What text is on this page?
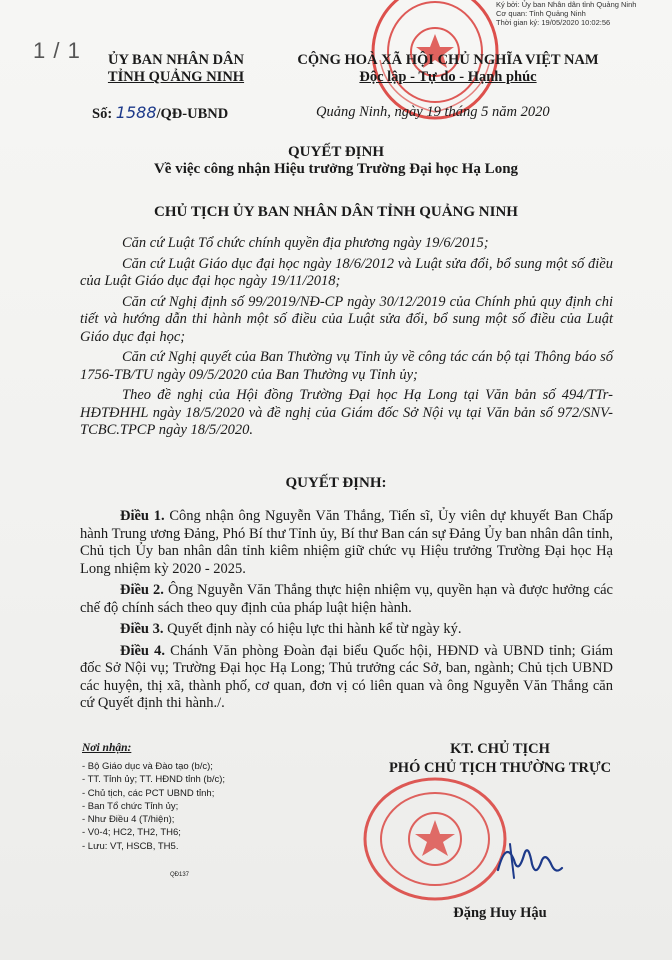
Ký bởi: Ủy ban Nhân dân tỉnh Quảng Ninh
Cơ quan: Tỉnh Quảng Ninh
Thời gian ký: 19/05/2020 10:02:56
1 / 1	ỦY BAN NHÂN DÂN
TỈNH QUẢNG NINH
CỘNG HOÀ XÃ HỘI CHỦ NGHĨA VIỆT NAM
Độc lập - Tự do - Hạnh phúc
Số: 1588/QĐ-UBND	Quảng Ninh, ngày 19 tháng 5 năm 2020
QUYẾT ĐỊNH
Về việc công nhận Hiệu trưởng Trường Đại học Hạ Long
CHỦ TỊCH ỦY BAN NHÂN DÂN TỈNH QUẢNG NINH

Căn cứ Luật Tổ chức chính quyền địa phương ngày 19/6/2015;

Căn cứ Luật Giáo dục đại học ngày 18/6/2012 và Luật sửa đổi, bổ sung một số điều của Luật Giáo dục đại học ngày 19/11/2018;

Căn cứ Nghị định số 99/2019/NĐ-CP ngày 30/12/2019 của Chính phủ quy định chi tiết và hướng dẫn thi hành một số điều của Luật sửa đổi, bổ sung một số điều của Luật Giáo dục đại học;

Căn cứ Nghị quyết của Ban Thường vụ Tỉnh ủy về công tác cán bộ tại Thông báo số 1756-TB/TU ngày 09/5/2020 của Ban Thường vụ Tỉnh ủy;

Theo đề nghị của Hội đồng Trường Đại học Hạ Long tại Văn bản số 494/TTr-HĐTĐHHL ngày 18/5/2020 và đề nghị của Giám đốc Sở Nội vụ tại Văn bản số 972/SNV-TCBC.TPCP ngày 18/5/2020.

QUYẾT ĐỊNH:

Điều 1. Công nhận ông Nguyễn Văn Thắng, Tiến sĩ, Ủy viên dự khuyết Ban Chấp hành Trung ương Đảng, Phó Bí thư Tỉnh ủy, Bí thư Ban cán sự Đảng Ủy ban nhân dân tỉnh, Chủ tịch Ủy ban nhân dân tỉnh kiêm nhiệm giữ chức vụ Hiệu trưởng Trường Đại học Hạ Long nhiệm kỳ 2020 - 2025.

Điều 2. Ông Nguyễn Văn Thắng thực hiện nhiệm vụ, quyền hạn và được hưởng các chế độ chính sách theo quy định của pháp luật hiện hành.

Điều 3. Quyết định này có hiệu lực thi hành kể từ ngày ký.

Điều 4. Chánh Văn phòng Đoàn đại biểu Quốc hội, HĐND và UBND tỉnh; Giám đốc Sở Nội vụ; Trường Đại học Hạ Long; Thủ trưởng các Sở, ban, ngành; Chủ tịch UBND các huyện, thị xã, thành phố, cơ quan, đơn vị có liên quan và ông Nguyễn Văn Thắng căn cứ Quyết định thi hành./.

Nơi nhận:
- Bộ Giáo dục và Đào tạo (b/c);
- TT. Tỉnh ủy; TT. HĐND tỉnh (b/c);
- Chủ tịch, các PCT UBND tỉnh;
- Ban Tổ chức Tỉnh ủy;
- Như Điều 4 (T/hiện);
- V0-4; HC2, TH2, TH6;
- Lưu: VT, HSCB, TH5.
QĐ137
KT. CHỦ TỊCH
PHÓ CHỦ TỊCH THƯỜNG TRỰC
Đặng Huy Hậu
